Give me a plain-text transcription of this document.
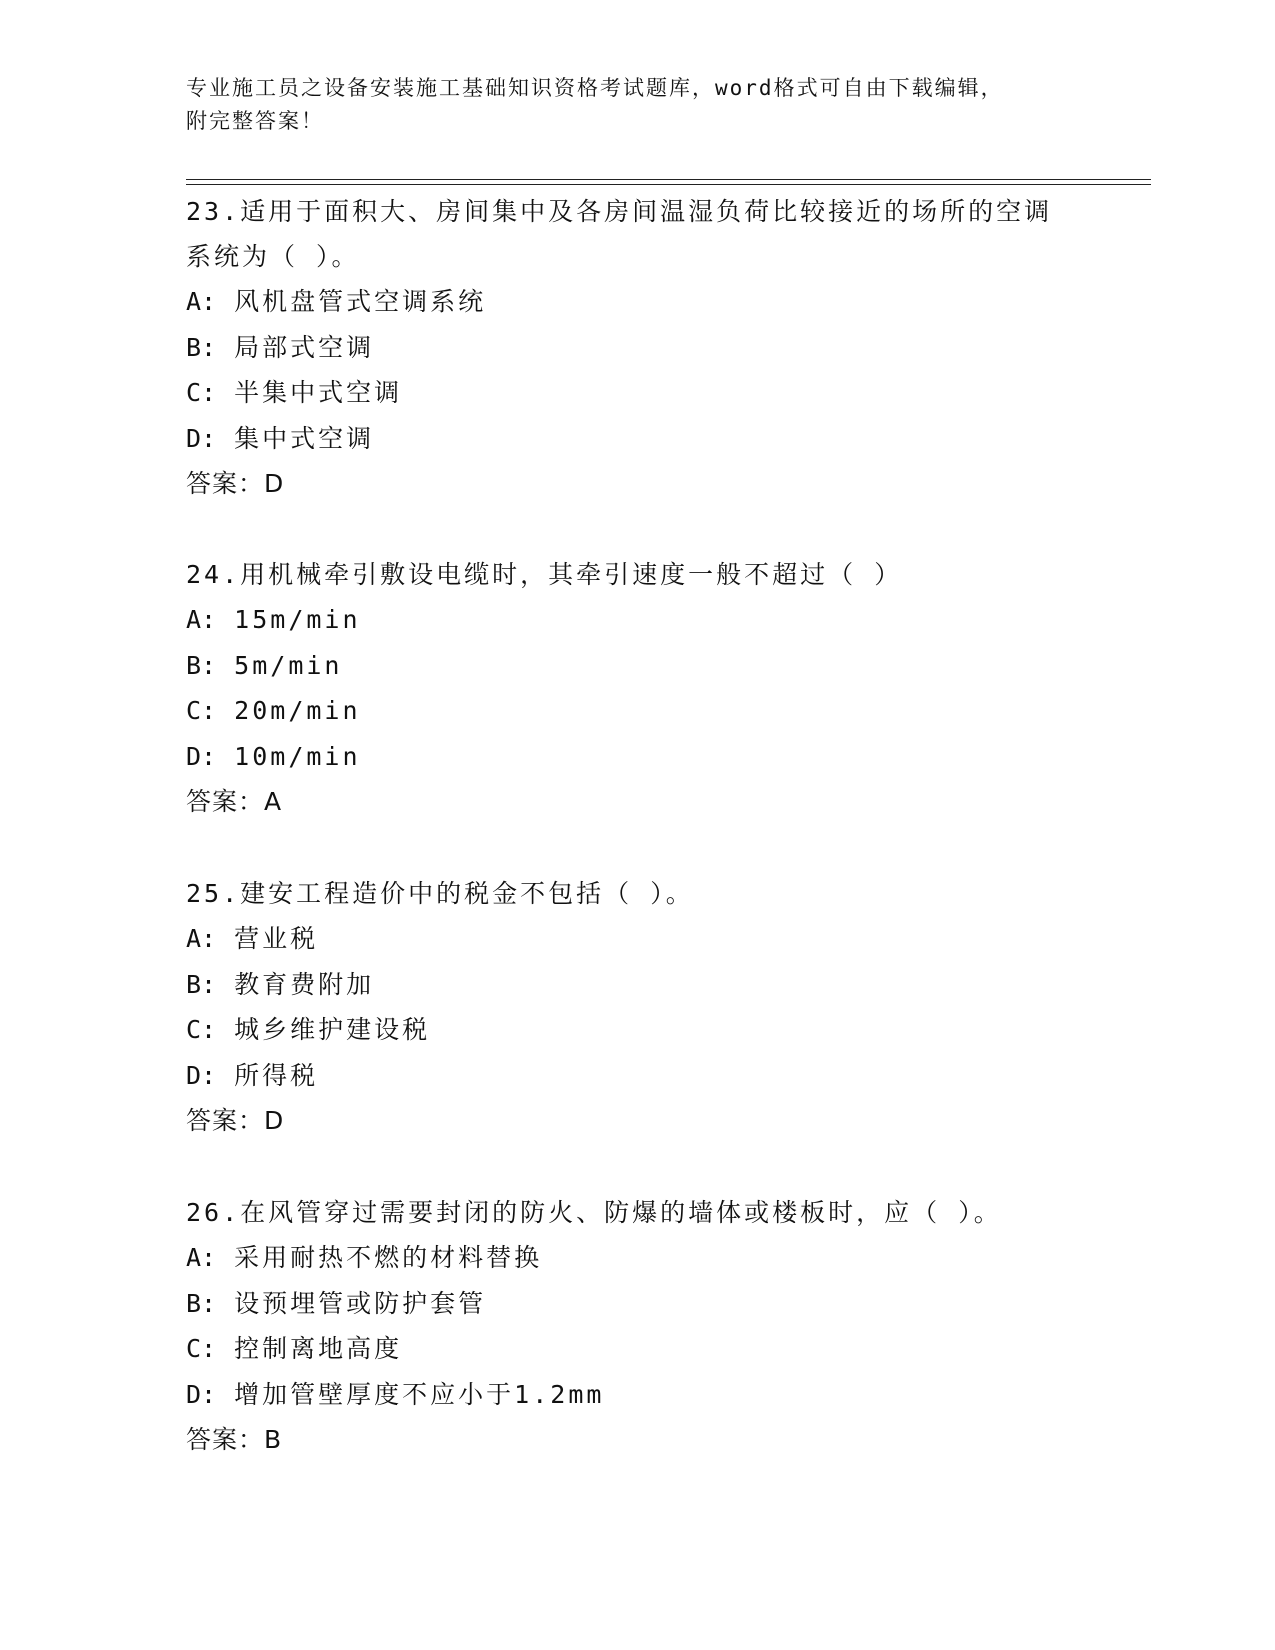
专业施工员之设备安装施工基础知识资格考试题库，word格式可自由下载编辑，
附完整答案！

23.适用于面积大、房间集中及各房间温湿负荷比较接近的场所的空调

系统为（ ）。

A: 风机盘管式空调系统

B: 局部式空调

C: 半集中式空调

D: 集中式空调

答案：D

24.用机械牵引敷设电缆时，其牵引速度一般不超过（ ）

A: 15m/min

B: 5m/min

C: 20m/min

D: 10m/min

答案：A

25.建安工程造价中的税金不包括（ ）。

A: 营业税

B: 教育费附加

C: 城乡维护建设税

D: 所得税

答案：D

26.在风管穿过需要封闭的防火、防爆的墙体或楼板时，应（ ）。

A: 采用耐热不燃的材料替换

B: 设预埋管或防护套管

C: 控制离地高度

D: 增加管壁厚度不应小于1.2mm

答案：B
